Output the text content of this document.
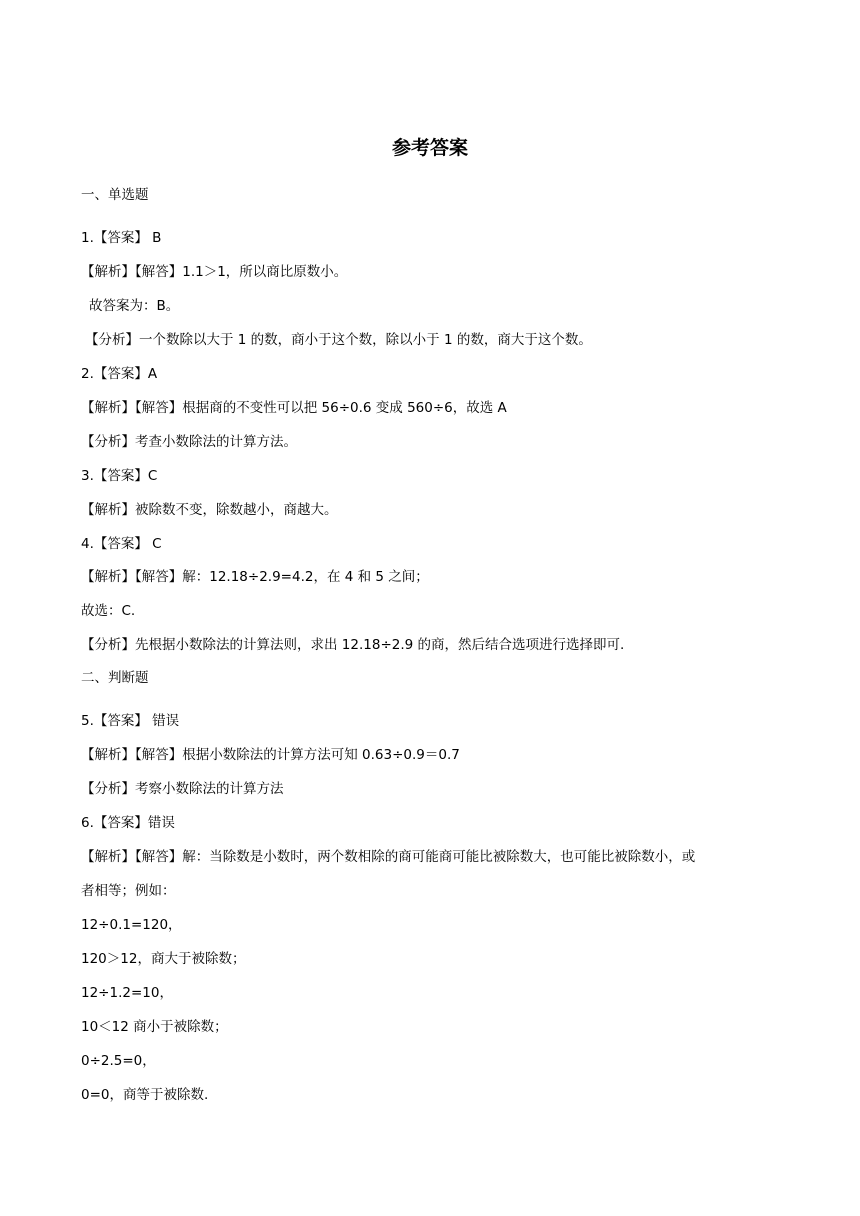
参考答案
一、单选题
1.【答案】 B
【解析】【解答】1.1＞1，所以商比原数小。
故答案为：B。
【分析】一个数除以大于 1 的数，商小于这个数，除以小于 1 的数，商大于这个数。
2.【答案】A
【解析】【解答】根据商的不变性可以把 56÷0.6 变成 560÷6，故选 A
【分析】考查小数除法的计算方法。
3.【答案】C
【解析】被除数不变，除数越小，商越大。
4.【答案】 C
【解析】【解答】解：12.18÷2.9=4.2，在 4 和 5 之间；
故选：C.
【分析】先根据小数除法的计算法则，求出 12.18÷2.9 的商，然后结合选项进行选择即可.
二、判断题
5.【答案】 错误
【解析】【解答】根据小数除法的计算方法可知 0.63÷0.9＝0.7
【分析】考察小数除法的计算方法
6.【答案】错误
【解析】【解答】解：当除数是小数时，两个数相除的商可能商可能比被除数大，也可能比被除数小，或
者相等；例如：
12÷0.1=120，
120＞12，商大于被除数；
12÷1.2=10，
10＜12 商小于被除数；
0÷2.5=0，
0=0，商等于被除数.
